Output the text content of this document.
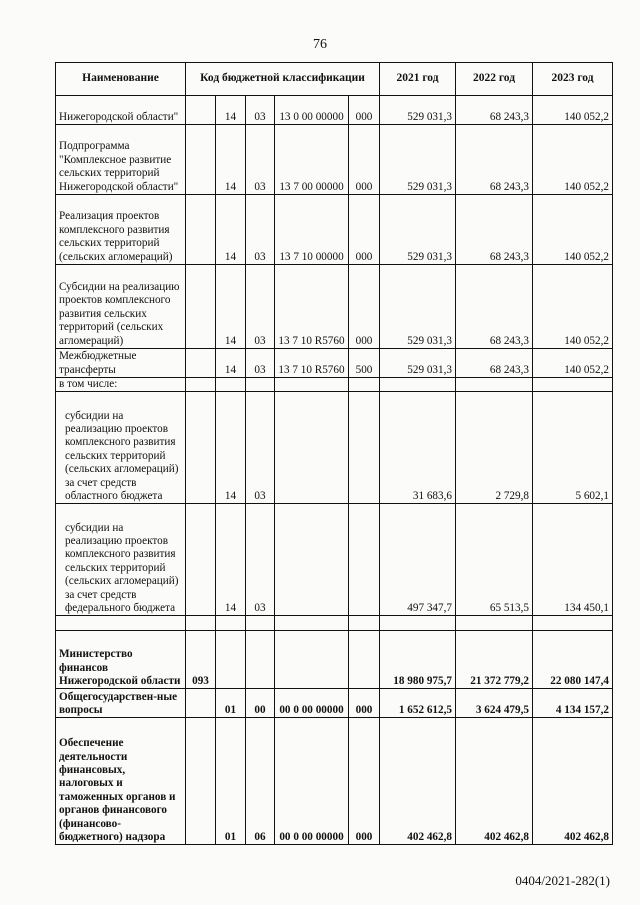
76
Наименование	Код бюджетной классификации					2021 год	2022 год	2023 год
Нижегородской области"		14	03	13 0 00 00000	000	529 031,3	68 243,3	140 052,2
Подпрограмма "Комплексное развитие сельских территорий Нижегородской области"		14	03	13 7 00 00000	000	529 031,3	68 243,3	140 052,2
Реализация проектов комплексного развития сельских территорий (сельских агломераций)		14	03	13 7 10 00000	000	529 031,3	68 243,3	140 052,2
Субсидии на реализацию проектов комплексного развития сельских территорий (сельских агломераций)		14	03	13 7 10 R5760	000	529 031,3	68 243,3	140 052,2
Межбюджетные трансферты		14	03	13 7 10 R5760	500	529 031,3	68 243,3	140 052,2
в том числе:								
субсидии на реализацию проектов комплексного развития сельских территорий (сельских агломераций) за счет средств областного бюджета		14	03			31 683,6	2 729,8	5 602,1
субсидии на реализацию проектов комплексного развития сельских территорий (сельских агломераций) за счет средств федерального бюджета		14	03			497 347,7	65 513,5	134 450,1

Министерство финансов Нижегородской области	093					18 980 975,7	21 372 779,2	22 080 147,4
Общегосударствен-ные вопросы		01	00	00 0 00 00000	000	1 652 612,5	3 624 479,5	4 134 157,2
Обеспечение деятельности финансовых, налоговых и таможенных органов и органов финансового (финансово-бюджетного) надзора		01	06	00 0 00 00000	000	402 462,8	402 462,8	402 462,8
0404/2021-282(1)
